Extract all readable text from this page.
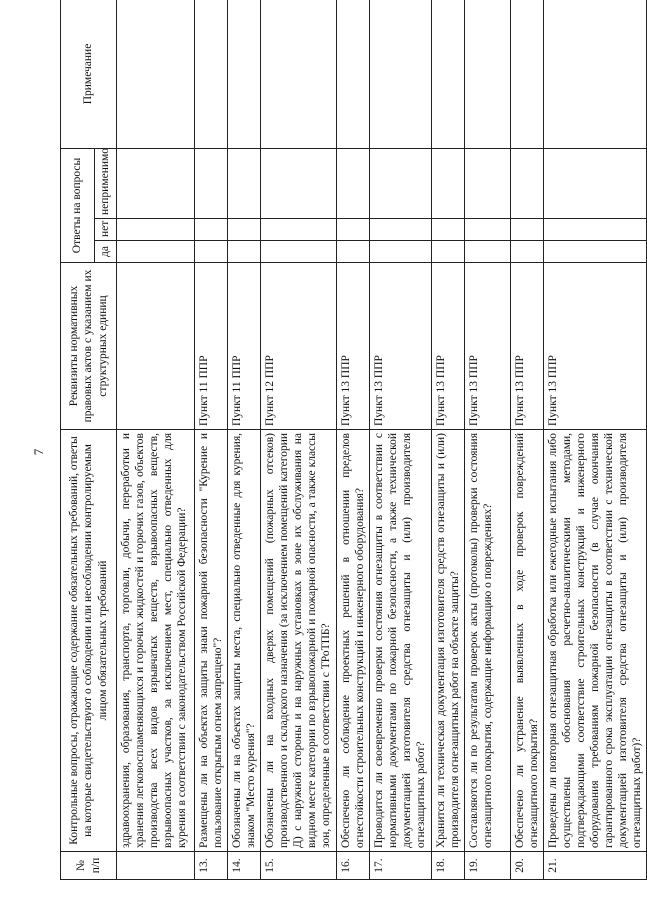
7
№ п/п	Контрольные вопросы, отражающие содержание обязательных требований, ответы на которые свидетельствуют о соблюдении или несоблюдении контролируемым лицом обязательных требований	Реквизиты нормативных правовых актов с указанием их структурных единиц	Ответы на вопросы			Примечание
			да	нет	неприменимо	
	здравоохранения, образования, транспорта, торговли, добычи, переработки и хранения легковоспламеняющихся и горючих жидкостей и горючих газов, объектов производства всех видов взрывчатых веществ, взрывоопасных веществ, взрывоопасных участков, за исключением мест, специально отведенных для курения в соответствии с законодательством Российской Федерации?					
13.	Размещены ли на объектах защиты знаки пожарной безопасности "Курение и пользование открытым огнем запрещено"?	Пункт 11 ППР				
14.	Обозначены ли на объектах защиты места, специально отведенные для курения, знаком "Место курения"?	Пункт 11 ППР				
15.	Обозначены ли на входных дверях помещений (пожарных отсеков) производственного и складского назначения (за исключением помещений категории Д) с наружной стороны и на наружных установках в зоне их обслуживания на видном месте категории по взрывопожарной и пожарной опасности, а также классы зон, определенные в соответствии с ТРоТПБ?	Пункт 12 ППР				
16.	Обеспечено ли соблюдение проектных решений в отношении пределов огнестойкости строительных конструкций и инженерного оборудования?	Пункт 13 ППР				
17.	Проводится ли своевременно проверки состояния огнезащиты в соответствии с нормативными документами по пожарной безопасности, а также технической документацией изготовителя средства огнезащиты и (или) производителя огнезащитных работ?	Пункт 13 ППР				
18.	Хранится ли техническая документация изготовителя средств огнезащиты и (или) производителя огнезащитных работ на объекте защиты?	Пункт 13 ППР				
19.	Составляются ли по результатам проверок акты (протоколы) проверки состояния огнезащитного покрытия, содержащие информацию о повреждениях?	Пункт 13 ППР				
20.	Обеспечено ли устранение выявленных в ходе проверок повреждений огнезащитного покрытия?	Пункт 13 ППР				
21.	Проведены ли повторная огнезащитная обработка или ежегодные испытания либо осуществлены обоснования расчетно-аналитическими методами, подтверждающими соответствие строительных конструкций и инженерного оборудования требованиям пожарной безопасности (в случае окончания гарантированного срока эксплуатации огнезащиты в соответствии с технической документацией изготовителя средства огнезащиты и (или) производителя огнезащитных работ)?	Пункт 13 ППР				
